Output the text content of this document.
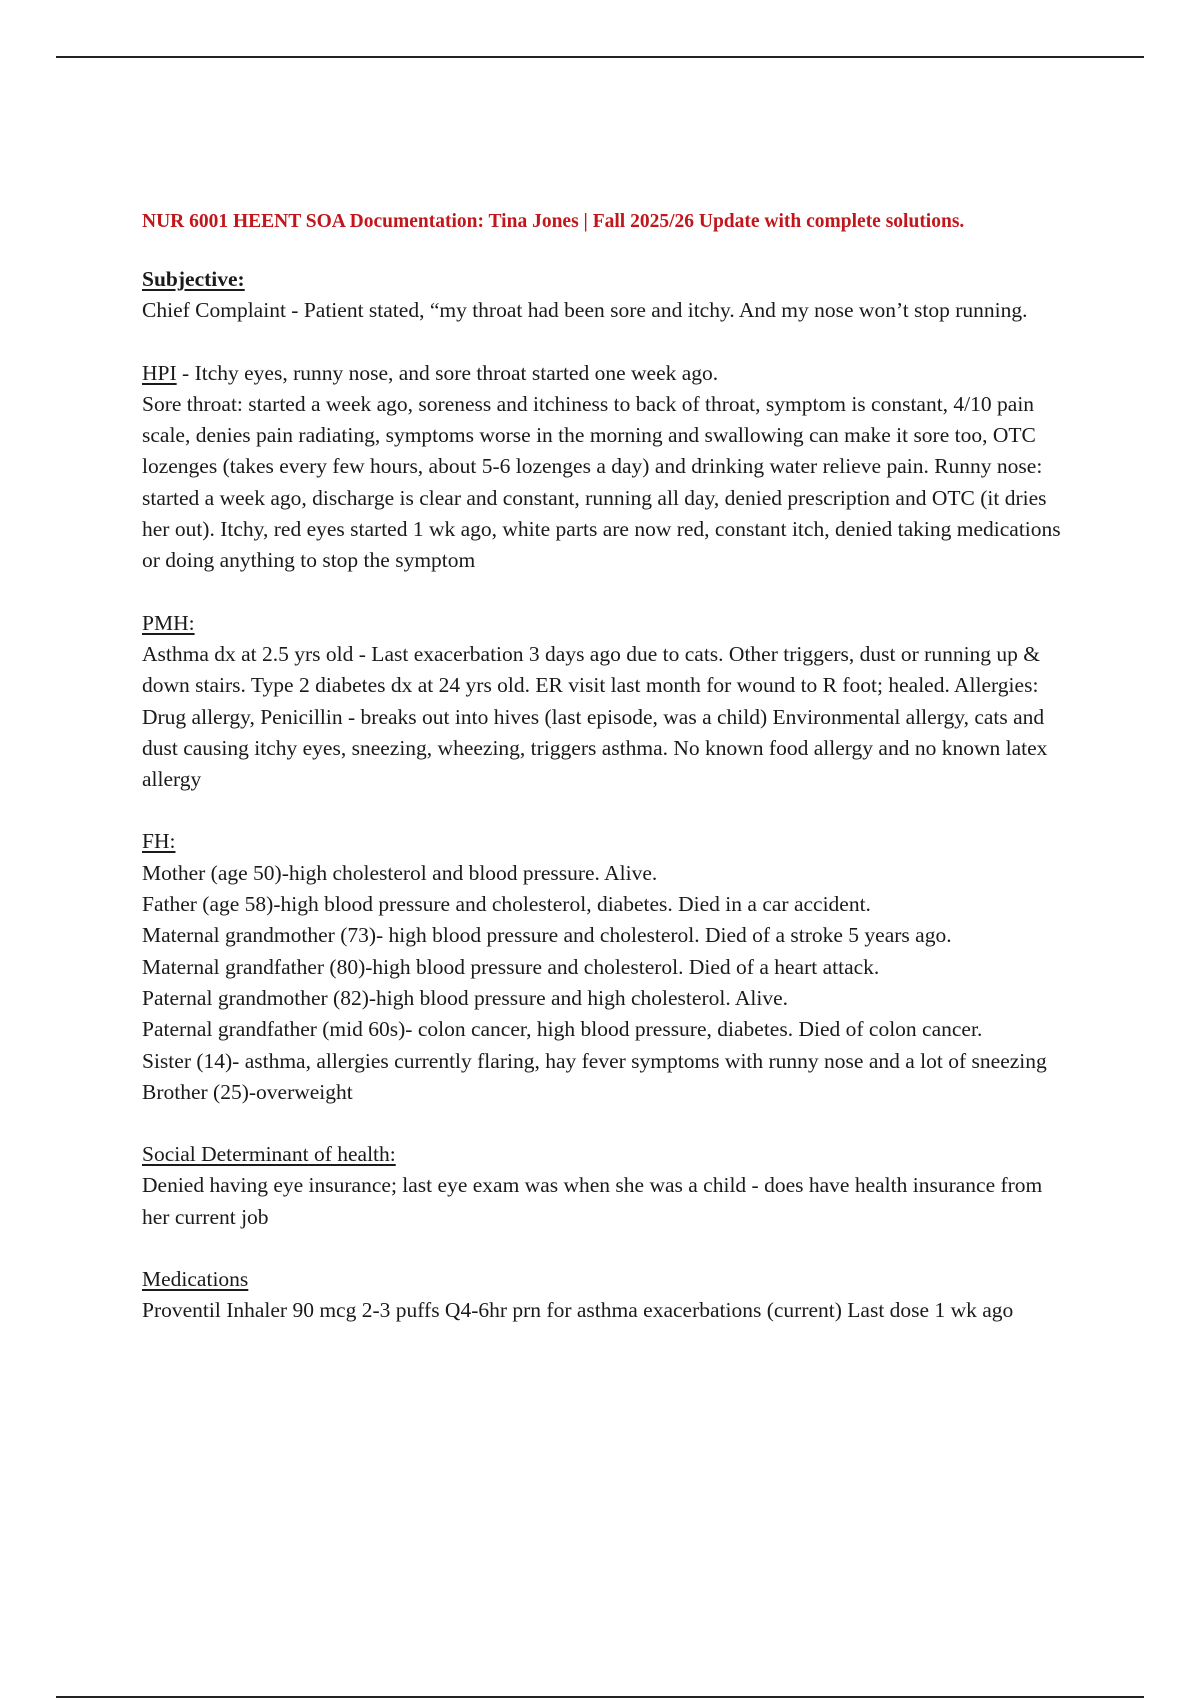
NUR 6001 HEENT SOA Documentation: Tina Jones | Fall 2025/26 Update with complete solutions.
Subjective:

Chief Complaint - Patient stated, “my throat had been sore and itchy. And my nose won’t stop running.

HPI - Itchy eyes, runny nose, and sore throat started one week ago.

Sore throat: started a week ago, soreness and itchiness to back of throat, symptom is constant, 4/10 pain scale, denies pain radiating, symptoms worse in the morning and swallowing can make it sore too, OTC lozenges (takes every few hours, about 5-6 lozenges a day) and drinking water relieve pain. Runny nose: started a week ago, discharge is clear and constant, running all day, denied prescription and OTC (it dries her out). Itchy, red eyes started 1 wk ago, white parts are now red, constant itch, denied taking medications or doing anything to stop the symptom

PMH:

Asthma dx at 2.5 yrs old - Last exacerbation 3 days ago due to cats. Other triggers, dust or running up & down stairs. Type 2 diabetes dx at 24 yrs old. ER visit last month for wound to R foot; healed. Allergies: Drug allergy, Penicillin - breaks out into hives (last episode, was a child) Environmental allergy, cats and dust causing itchy eyes, sneezing, wheezing, triggers asthma. No known food allergy and no known latex allergy

FH:

Mother (age 50)-high cholesterol and blood pressure. Alive.

Father (age 58)-high blood pressure and cholesterol, diabetes. Died in a car accident.

Maternal grandmother (73)- high blood pressure and cholesterol. Died of a stroke 5 years ago.

Maternal grandfather (80)-high blood pressure and cholesterol. Died of a heart attack.

Paternal grandmother (82)-high blood pressure and high cholesterol. Alive.

Paternal grandfather (mid 60s)- colon cancer, high blood pressure, diabetes. Died of colon cancer.

Sister (14)- asthma, allergies currently flaring, hay fever symptoms with runny nose and a lot of sneezing

Brother (25)-overweight

Social Determinant of health:

Denied having eye insurance; last eye exam was when she was a child - does have health insurance from her current job

Medications

Proventil Inhaler 90 mcg 2-3 puffs Q4-6hr prn for asthma exacerbations (current) Last dose 1 wk ago
